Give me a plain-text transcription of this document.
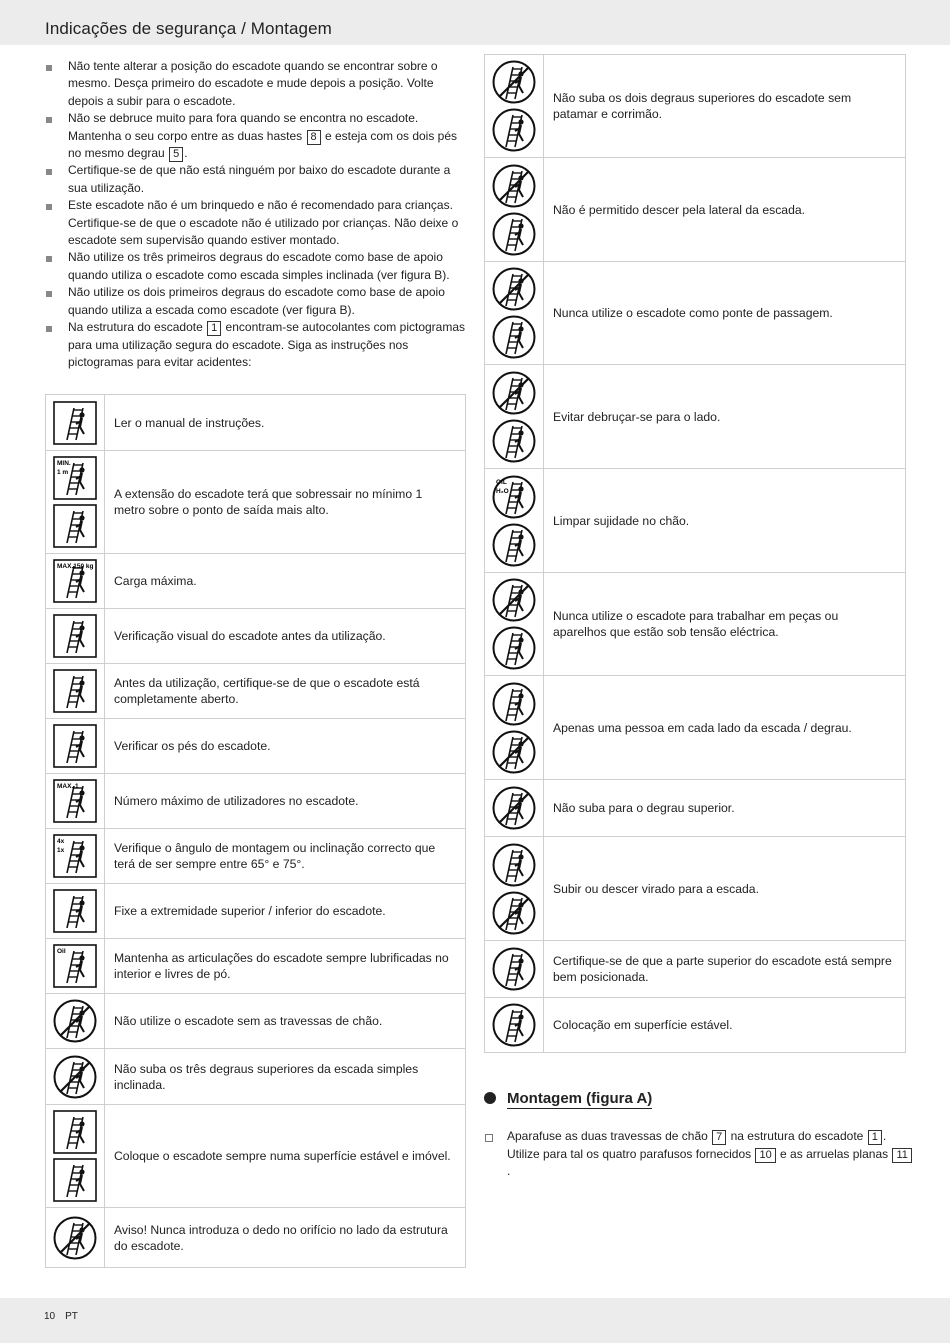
Indicações de segurança / Montagem
Não tente alterar a posição do escadote quando se encontrar sobre o mesmo. Desça primeiro do escadote e mude depois a posição. Volte depois a subir para o escadote.
Não se debruce muito para fora quando se encontra no escadote. Mantenha o seu corpo entre as duas hastes 8 e esteja com os dois pés no mesmo degrau 5 .
Certifique-se de que não está ninguém por baixo do escadote durante a sua utilização.
Este escadote não é um brinquedo e não é recomendado para crianças. Certifique-se de que o escadote não é utilizado por crianças. Não deixe o escadote sem supervisão quando estiver montado.
Não utilize os três primeiros degraus do escadote como base de apoio quando utiliza o escadote como escada simples inclinada (ver figura B).
Não utilize os dois primeiros degraus do escadote como base de apoio quando utiliza a escada como escadote (ver figura B).
Na estrutura do escadote 1 encontram-se autocolantes com pictogramas para uma utilização segura do escadote. Siga as instruções nos pictogramas para evitar acidentes:
	Ler o manual de instruções.

MIN.
1 m	A extensão do escadote terá que sobressair no mínimo 1 metro sobre o ponto de saída mais alto.

MAX.150 kg	Carga máxima.

	Verificação visual do escadote antes da utilização.

	Antes da utilização, certifique-se de que o escadote está completamente aberto.

	Verificar os pés do escadote.

MAX. 1	Número máximo de utilizadores no escadote.

4x
1x	Verifique o ângulo de montagem ou inclinação correcto que terá de ser sempre entre 65° e 75°.

	Fixe a extremidade superior / inferior do escadote.

Oil	Mantenha as articulações do escadote sempre lubrificadas no interior e livres de pó.

	Não utilize o escadote sem as travessas de chão.

	Não suba os três degraus superiores da escada simples inclinada.

	Coloque o escadote sempre numa superfície estável e imóvel.

	Aviso! Nunca introduza o dedo no orifício no lado da estrutura do escadote.
	Não suba os dois degraus superiores do escadote sem patamar e corrimão.

	Não é permitido descer pela lateral da escada.

	Nunca utilize o escadote como ponte de passagem.

	Evitar debruçar-se para o lado.

OIL
H₂O	Limpar sujidade no chão.

	Nunca utilize o escadote para trabalhar em peças ou aparelhos que estão sob tensão eléctrica.

	Apenas uma pessoa em cada lado da escada / degrau.

	Não suba para o degrau superior.

	Subir ou descer virado para a escada.

	Certifique-se de que a parte superior do escadote está sempre bem posicionada.

	Colocação em superfície estável.
Montagem (figura A)
Aparafuse as duas travessas de chão 7 na estrutura do escadote 1 . Utilize para tal os quatro parafusos fornecidos 10 e as arruelas planas 11.
10 PT
